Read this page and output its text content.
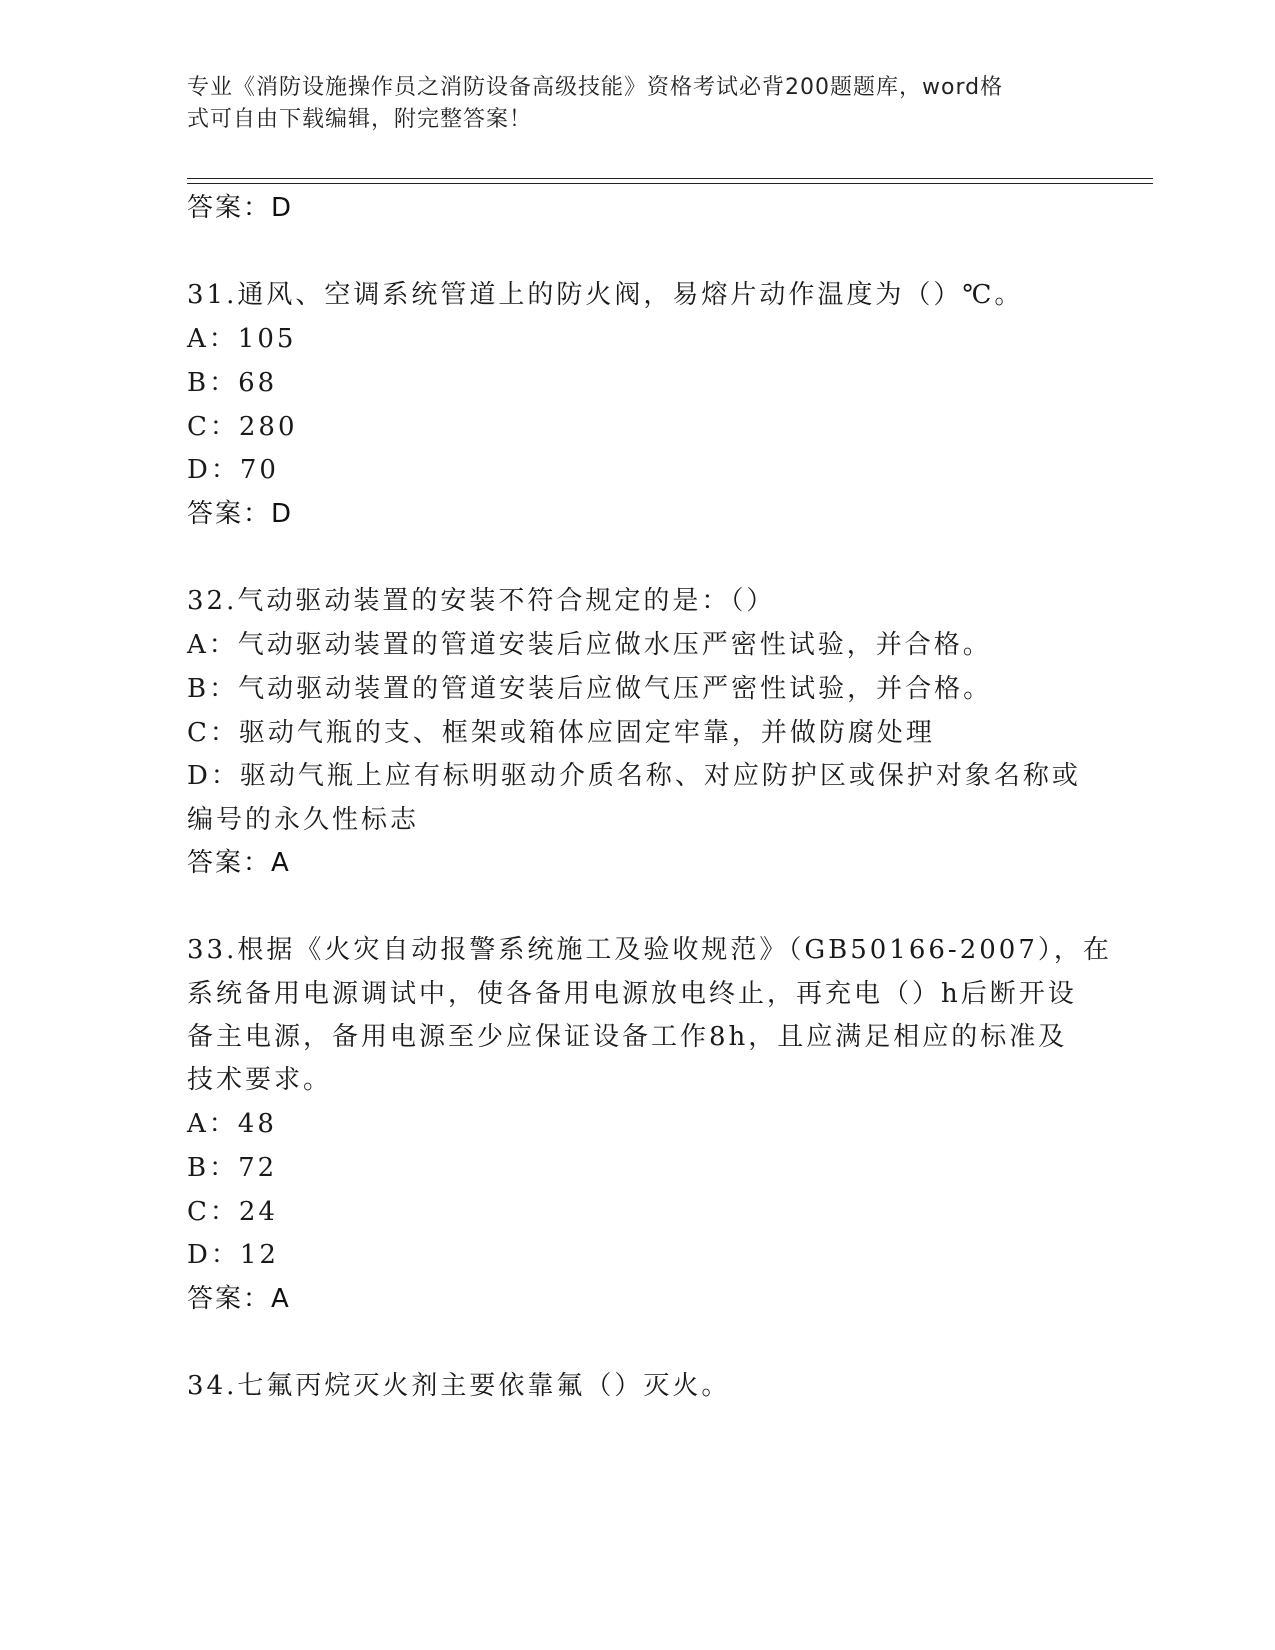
专业《消防设施操作员之消防设备高级技能》资格考试必背200题题库，word格
式可自由下载编辑，附完整答案！
答案：D
31.通风、空调系统管道上的防火阀，易熔片动作温度为（）℃。
A：105
B：68
C：280
D：70
答案：D
32.气动驱动装置的安装不符合规定的是：（）
A：气动驱动装置的管道安装后应做水压严密性试验，并合格。
B：气动驱动装置的管道安装后应做气压严密性试验，并合格。
C：驱动气瓶的支、框架或箱体应固定牢靠，并做防腐处理
D：驱动气瓶上应有标明驱动介质名称、对应防护区或保护对象名称或
编号的永久性标志
答案：A
33.根据《火灾自动报警系统施工及验收规范》（GB50166-2007），在
系统备用电源调试中，使各备用电源放电终止，再充电（）h后断开设
备主电源，备用电源至少应保证设备工作8h，且应满足相应的标准及
技术要求。
A：48
B：72
C：24
D：12
答案：A
34.七氟丙烷灭火剂主要依靠氟（）灭火。
